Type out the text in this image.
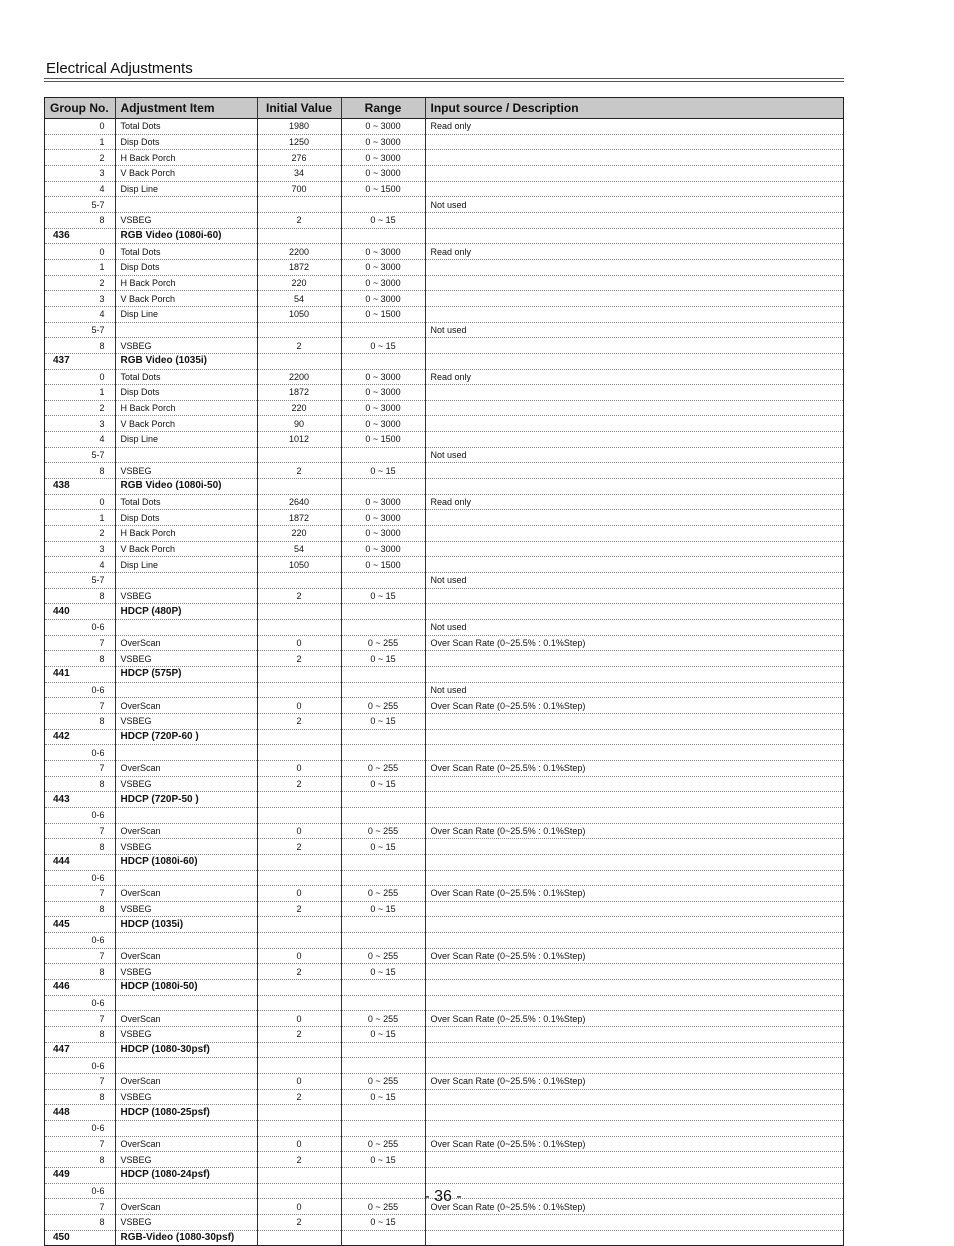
Electrical Adjustments
Group No.	Adjustment Item	Initial Value	Range	Input source / Description
0	Total Dots	1980	0 ~ 3000	Read only
1	Disp Dots	1250	0 ~ 3000	
2	H Back Porch	276	0 ~ 3000	
3	V Back Porch	34	0 ~ 3000	
4	Disp Line	700	0 ~ 1500	
5-7				Not used
8	VSBEG	2	0 ~ 15	
436	RGB Video (1080i-60)			
0	Total Dots	2200	0 ~ 3000	Read only
1	Disp Dots	1872	0 ~ 3000	
2	H Back Porch	220	0 ~ 3000	
3	V Back Porch	54	0 ~ 3000	
4	Disp Line	1050	0 ~ 1500	
5-7				Not used
8	VSBEG	2	0 ~ 15	
437	RGB Video (1035i)			
0	Total Dots	2200	0 ~ 3000	Read only
1	Disp Dots	1872	0 ~ 3000	
2	H Back Porch	220	0 ~ 3000	
3	V Back Porch	90	0 ~ 3000	
4	Disp Line	1012	0 ~ 1500	
5-7				Not used
8	VSBEG	2	0 ~ 15	
438	RGB Video (1080i-50)			
0	Total Dots	2640	0 ~ 3000	Read only
1	Disp Dots	1872	0 ~ 3000	
2	H Back Porch	220	0 ~ 3000	
3	V Back Porch	54	0 ~ 3000	
4	Disp Line	1050	0 ~ 1500	
5-7				Not used
8	VSBEG	2	0 ~ 15	
440	HDCP (480P)			
0-6				Not used
7	OverScan	0	0 ~ 255	Over Scan Rate (0~25.5% : 0.1%Step)
8	VSBEG	2	0 ~ 15	
441	HDCP (575P)			
0-6				Not used
7	OverScan	0	0 ~ 255	Over Scan Rate (0~25.5% : 0.1%Step)
8	VSBEG	2	0 ~ 15	
442	HDCP (720P-60 )			
0-6				
7	OverScan	0	0 ~ 255	Over Scan Rate (0~25.5% : 0.1%Step)
8	VSBEG	2	0 ~ 15	
443	HDCP (720P-50 )			
0-6				
7	OverScan	0	0 ~ 255	Over Scan Rate (0~25.5% : 0.1%Step)
8	VSBEG	2	0 ~ 15	
444	HDCP (1080i-60)			
0-6				
7	OverScan	0	0 ~ 255	Over Scan Rate (0~25.5% : 0.1%Step)
8	VSBEG	2	0 ~ 15	
445	HDCP (1035i)			
0-6				
7	OverScan	0	0 ~ 255	Over Scan Rate (0~25.5% : 0.1%Step)
8	VSBEG	2	0 ~ 15	
446	HDCP (1080i-50)			
0-6				
7	OverScan	0	0 ~ 255	Over Scan Rate (0~25.5% : 0.1%Step)
8	VSBEG	2	0 ~ 15	
447	HDCP (1080-30psf)			
0-6				
7	OverScan	0	0 ~ 255	Over Scan Rate (0~25.5% : 0.1%Step)
8	VSBEG	2	0 ~ 15	
448	HDCP (1080-25psf)			
0-6				
7	OverScan	0	0 ~ 255	Over Scan Rate (0~25.5% : 0.1%Step)
8	VSBEG	2	0 ~ 15	
449	HDCP (1080-24psf)			
0-6				
7	OverScan	0	0 ~ 255	Over Scan Rate (0~25.5% : 0.1%Step)
8	VSBEG	2	0 ~ 15	
450	RGB-Video (1080-30psf)			
- 36 -
